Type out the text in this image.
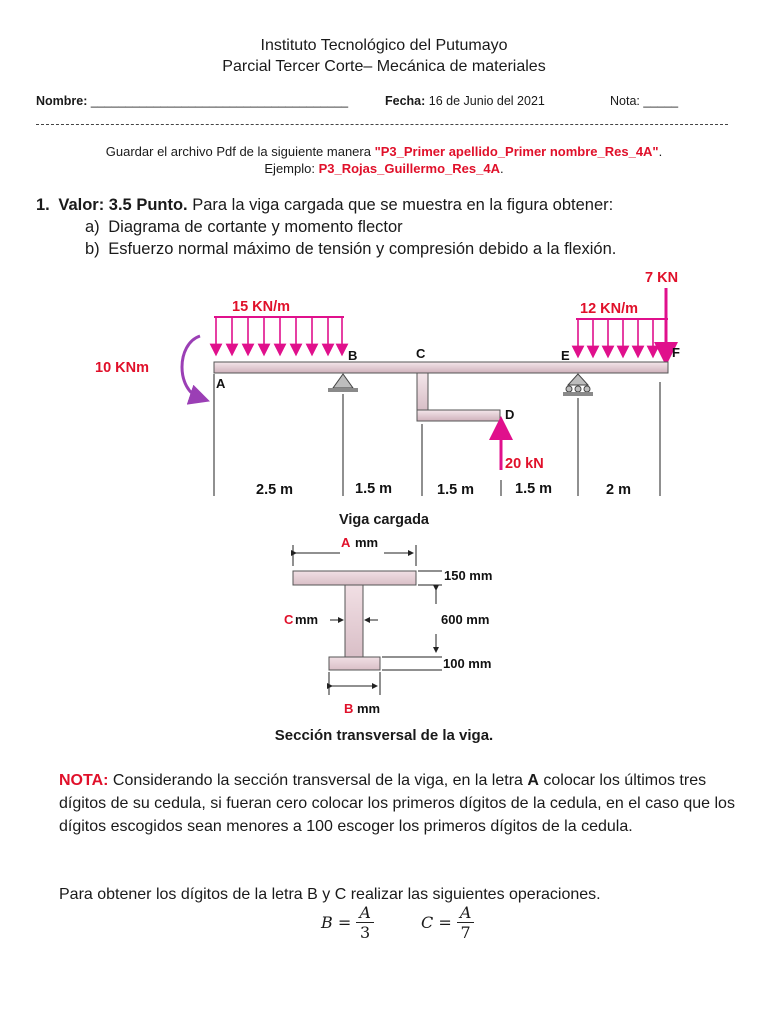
Instituto Tecnológico del Putumayo
Parcial Tercer Corte– Mecánica de materiales
Nombre: _____________________________________	Fecha: 16 de Junio del 2021	Nota: _____
Guardar el archivo Pdf de la siguiente manera "P3_Primer apellido_Primer nombre_Res_4A".
Ejemplo: P3_Rojas_Guillermo_Res_4A.
1. Valor: 3.5 Punto. Para la viga cargada que se muestra en la figura obtener:
a) Diagrama de cortante y momento flector
b) Esfuerzo normal máximo de tensión y compresión debido a la flexión.
15 KN/m	12 KN/m
7 KN
10 KNm
20 kN
A
B	C
D
E	F
2.5 m	1.5 m	1.5 m	1.5 m	2 m
Viga cargada
A mm
150 mm
600 mm
100 mm
C mm
B mm
Sección transversal de la viga.
NOTA: Considerando la sección transversal de la viga, en la letra A colocar los últimos tres dígitos de su cedula, si fueran cero colocar los primeros dígitos de la cedula, en el caso que los dígitos escogidos sean menores a 100 escoger los primeros dígitos de la cedula.
Para obtener los dígitos de la letra B y C realizar las siguientes operaciones.
$B = \frac{A}{3}$	$C = \frac{A}{7}$
